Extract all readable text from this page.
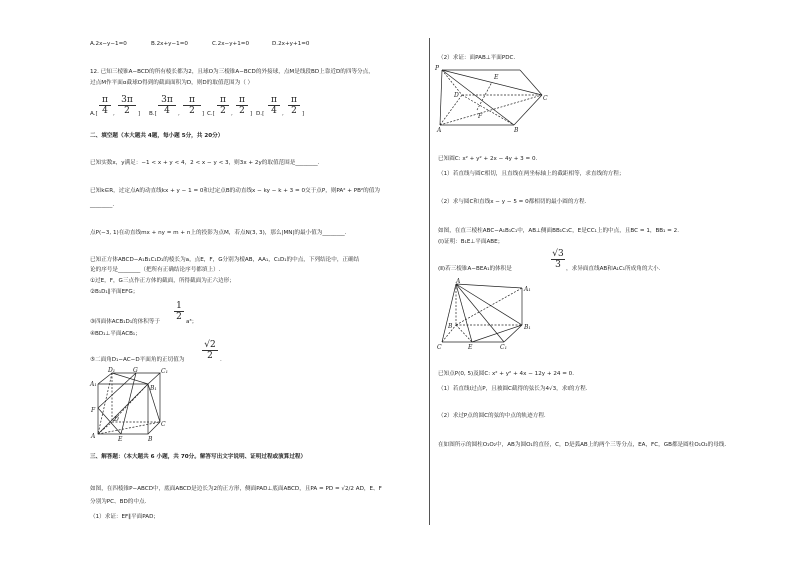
A.2x−y−1=0	B.2x+y−1=0	C.2x−y+1=0	D.2x+y+1=0
12. 已知三棱锥A−BCD的所有棱长都为2，且球O为三棱锥A−BCD的外接球，点M是线段BD上靠近D的四等分点，
过点M作平面α截球O得到的截面面积为D，则D的取值范围为（ ）
$A.[ \frac{\pi}{4}$ , $\frac{3\pi}{2}$ ] $B.[ \frac{3\pi}{4}$ , $\frac{\pi}{2}$ ] $C.[ \frac{\pi}{2}$ , $\frac{\pi}{2}$ ] $D.[ \frac{\pi}{4}$ , $\frac{\pi}{2}$ ]
二、填空题（本大题共 4题，每小题 5分，共 20分）
已知实数x，y满足：−1 < x + y < 4，2 < x − y < 3，则3x + 2y的取值范围是________.
已知k∈R，过定点A的动直线kx + y − 1 = 0和过定点B的动直线x − ky − k + 3 = 0交于点P，则PA² + PB²的值为
________.
点P(−3, 1)在动直线mx + ny = m + n上的投影为点M，若点N(3, 3)，那么|MN|的最小值为________.
已知正方体ABCD−A₁B₁C₁D₁的棱长为a，点E，F，G分别为棱AB，AA₁，C₁D₁的中点，下列结论中，正确结
论的序号是________（把所有正确结论序号都填上）.
①过E，F，G三点作正方体的截面，所得截面为正六边形；
②B₁D₁∥平面EFG；
③四面体ACB₁D₁的体积等于 $\frac{1}{2} a^3$；
④BD₁⊥平面ACB₁；
⑤二面角D₁−AC−D平面角的正切值为 $\frac{√2}{2}$ .
D₁	G	C₁
A₁
B₁
F
D
C
A	E	B
三、解答题：（本大题共 6 小题，共 70分。解答写出文字说明、证明过程或演算过程）
如图，在四棱锥P−ABCD中，底面ABCD是边长为2的正方形，侧面PAD⊥底面ABCD，且PA = PD = √2/2 AD，E、F
分别为PC、BD的中点.
（1）求证：EF∥平面PAD；
（2）求证：面PAB⊥平面PDC.
P
E
D	C
F
A	B
已知圆C: x² + y² + 2x − 4y + 3 = 0.
（1）若直线与圆C相切，且直线在两坐标轴上的截距相等，求直线的方程；
（2）求与圆C和直线x − y − 5 = 0都相切的最小圆的方程.
如图，在直三棱柱ABC−A₁B₁C₁中，AB⊥侧面BB₁C₁C，E是CC₁上的中点，且BC = 1，BB₁ = 2.
(Ⅰ)证明：B₁E⊥平面ABE；
(Ⅱ)若三棱锥A−BEA₁的体积是	$\frac{√3}{3}$ ，求异面直线AB和A₁C₁所成角的大小.
A
A₁
B	B₁
C	E	C₁
已知点P(0, 5)及圆C: x² + y² + 4x − 12y + 24 = 0.
（1）若直线l过点P，且被圆C截得的弦长为4√3，求l的方程.
（2）求过P点的圆C的弦的中点的轨迹方程.
在如图所示的圆柱O₁O₂中，AB为圆O₁的直径，C，D是弧AB上的两个三等分点，EA，FC，GB都是圆柱O₁O₂的母线.
